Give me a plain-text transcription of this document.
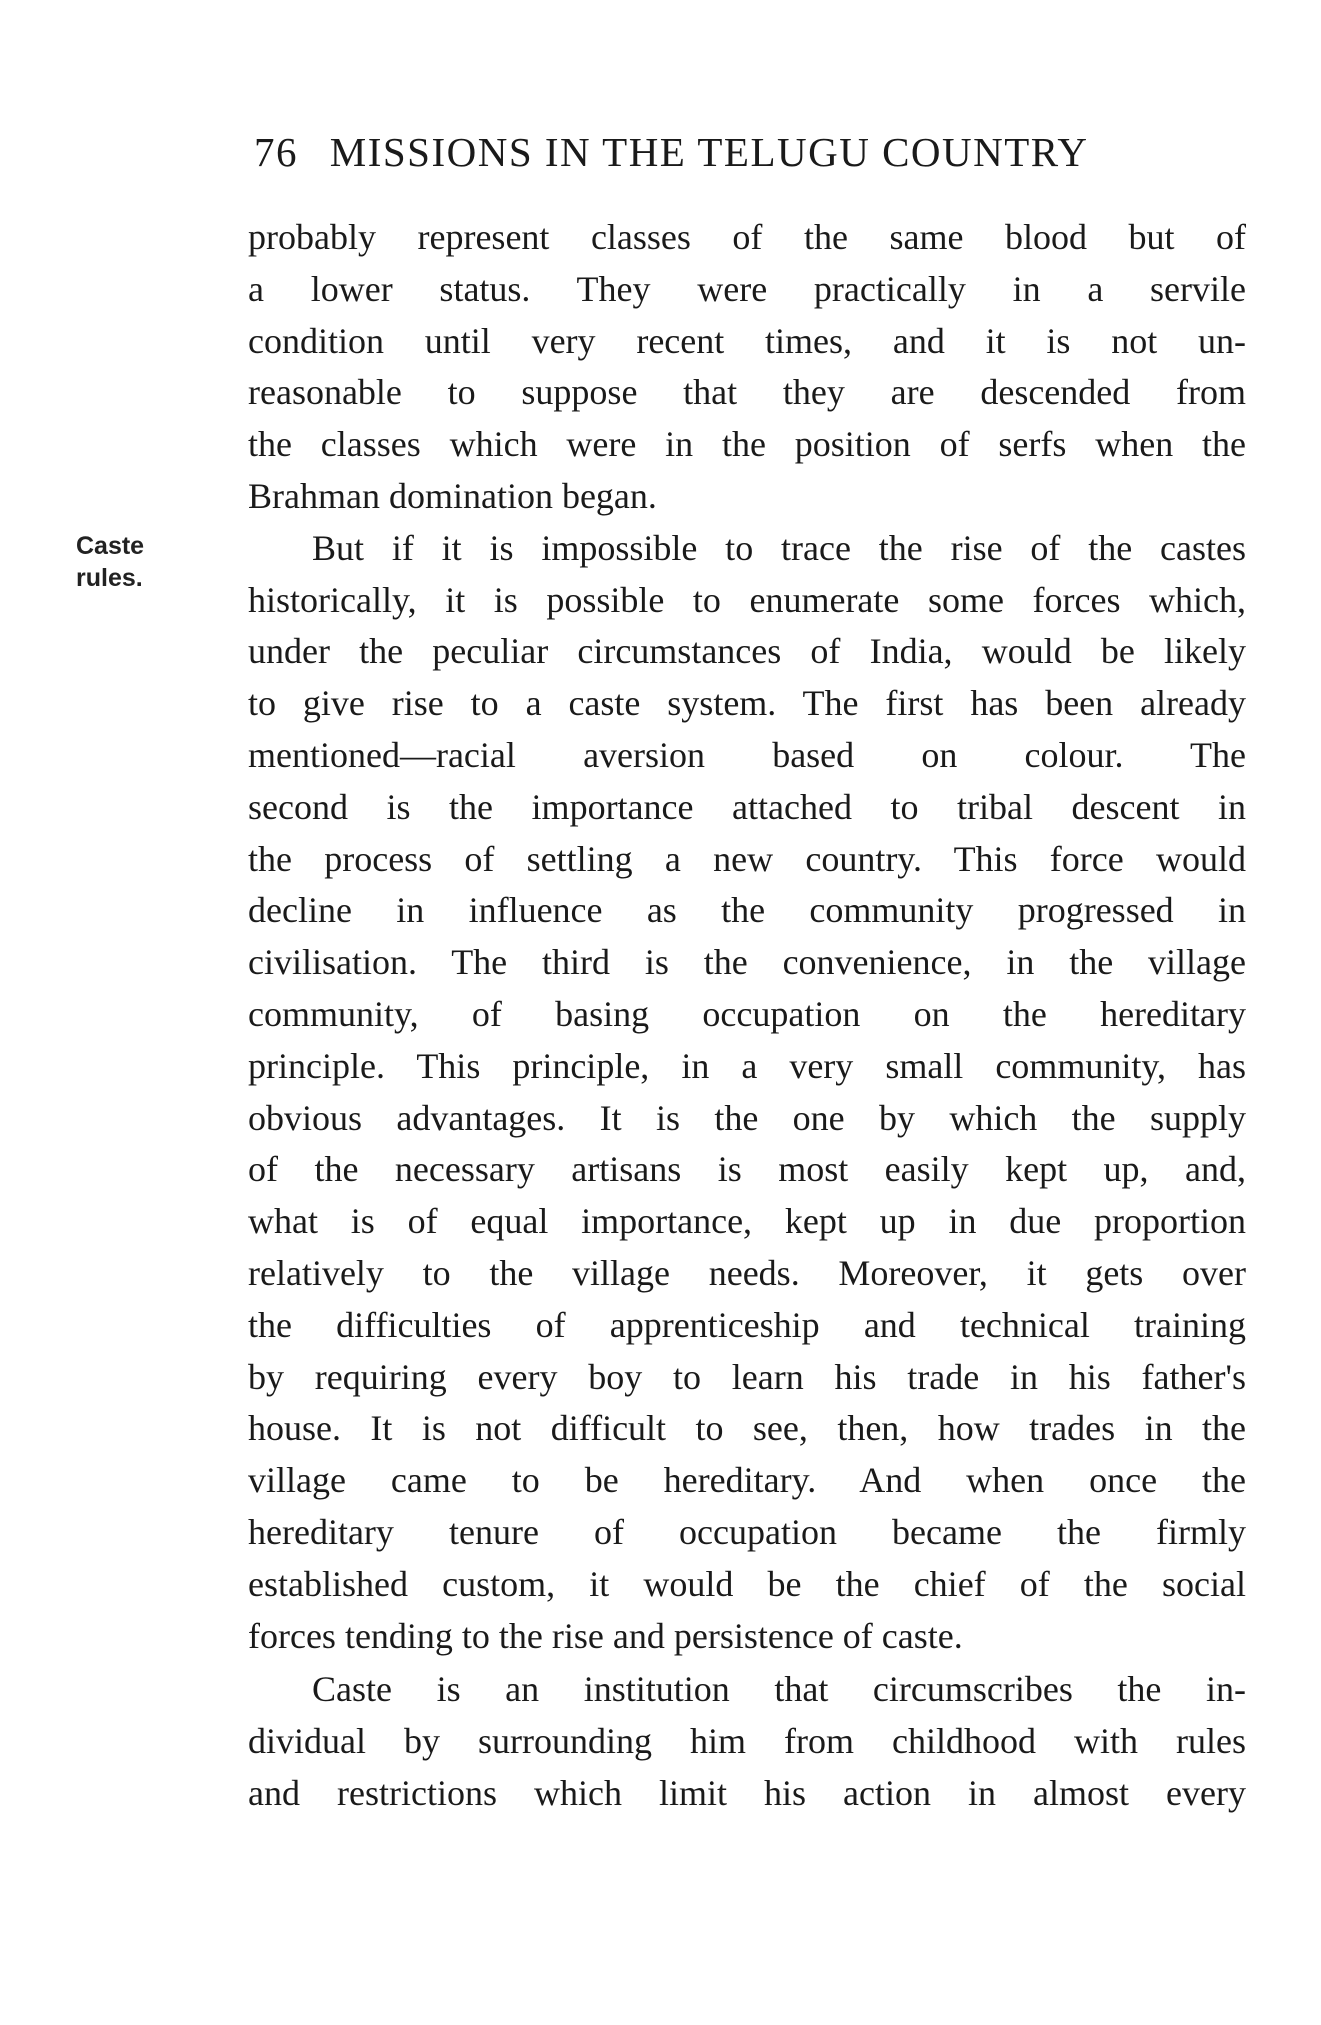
76 MISSIONS IN THE TELUGU COUNTRY
Caste
rules.
probably represent classes of the same blood but of
a lower status. They were practically in a servile
condition until very recent times, and it is not un-
reasonable to suppose that they are descended from
the classes which were in the position of serfs when the
Brahman domination began.
But if it is impossible to trace the rise of the castes
historically, it is possible to enumerate some forces which,
under the peculiar circumstances of India, would be likely
to give rise to a caste system. The first has been already
mentioned—racial aversion based on colour. The
second is the importance attached to tribal descent in
the process of settling a new country. This force would
decline in influence as the community progressed in
civilisation. The third is the convenience, in the village
community, of basing occupation on the hereditary
principle. This principle, in a very small community, has
obvious advantages. It is the one by which the supply
of the necessary artisans is most easily kept up, and,
what is of equal importance, kept up in due proportion
relatively to the village needs. Moreover, it gets over
the difficulties of apprenticeship and technical training
by requiring every boy to learn his trade in his father's
house. It is not difficult to see, then, how trades in the
village came to be hereditary. And when once the
hereditary tenure of occupation became the firmly
established custom, it would be the chief of the social
forces tending to the rise and persistence of caste.
Caste is an institution that circumscribes the in-
dividual by surrounding him from childhood with rules
and restrictions which limit his action in almost every
